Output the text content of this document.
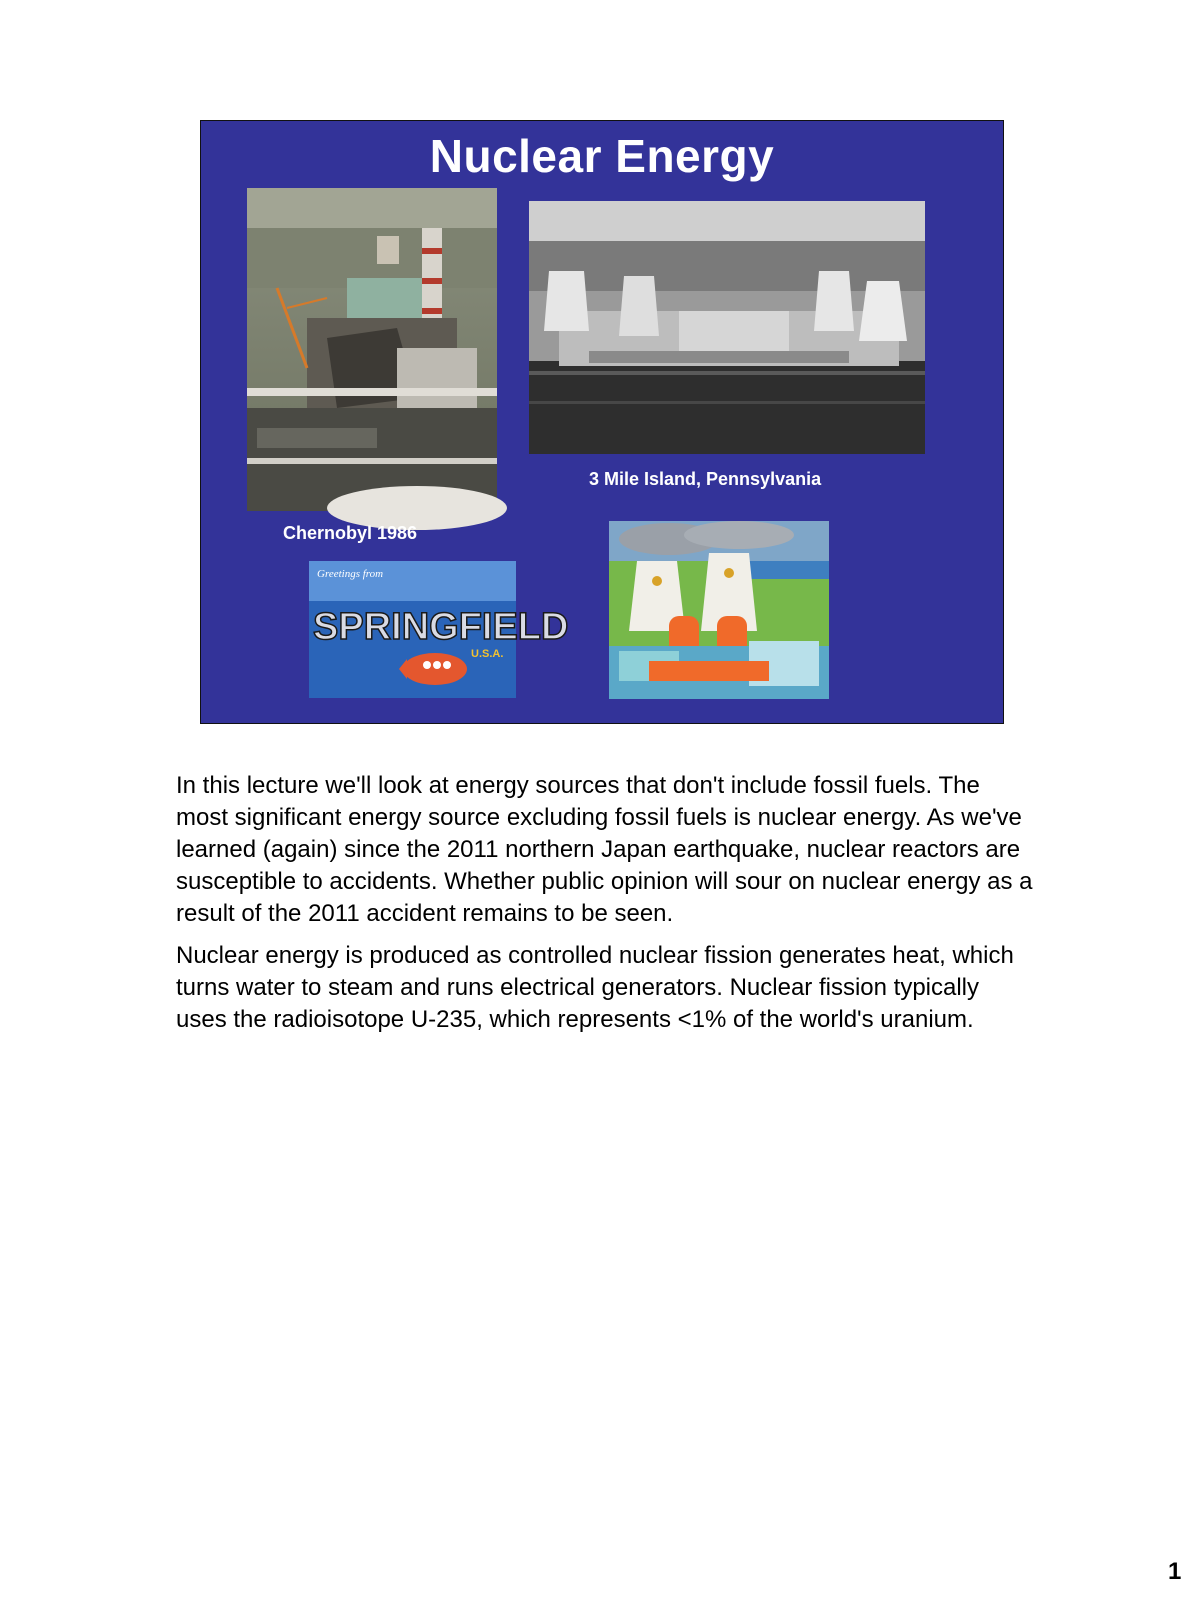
Nuclear Energy
3 Mile Island, Pennsylvania
Chernobyl 1986
Greetings from
SPRINGFIELD
U.S.A.

In this lecture we'll look at energy sources that don't include fossil fuels. The most significant energy source excluding fossil fuels is nuclear energy. As we've learned (again) since the 2011 northern Japan earthquake, nuclear reactors are susceptible to accidents. Whether public opinion will sour on nuclear energy as a result of the 2011 accident remains to be seen.

Nuclear energy is produced as controlled nuclear fission generates heat, which turns water to steam and runs electrical generators. Nuclear fission typically uses the radioisotope U-235, which represents <1% of the world's uranium.

1
